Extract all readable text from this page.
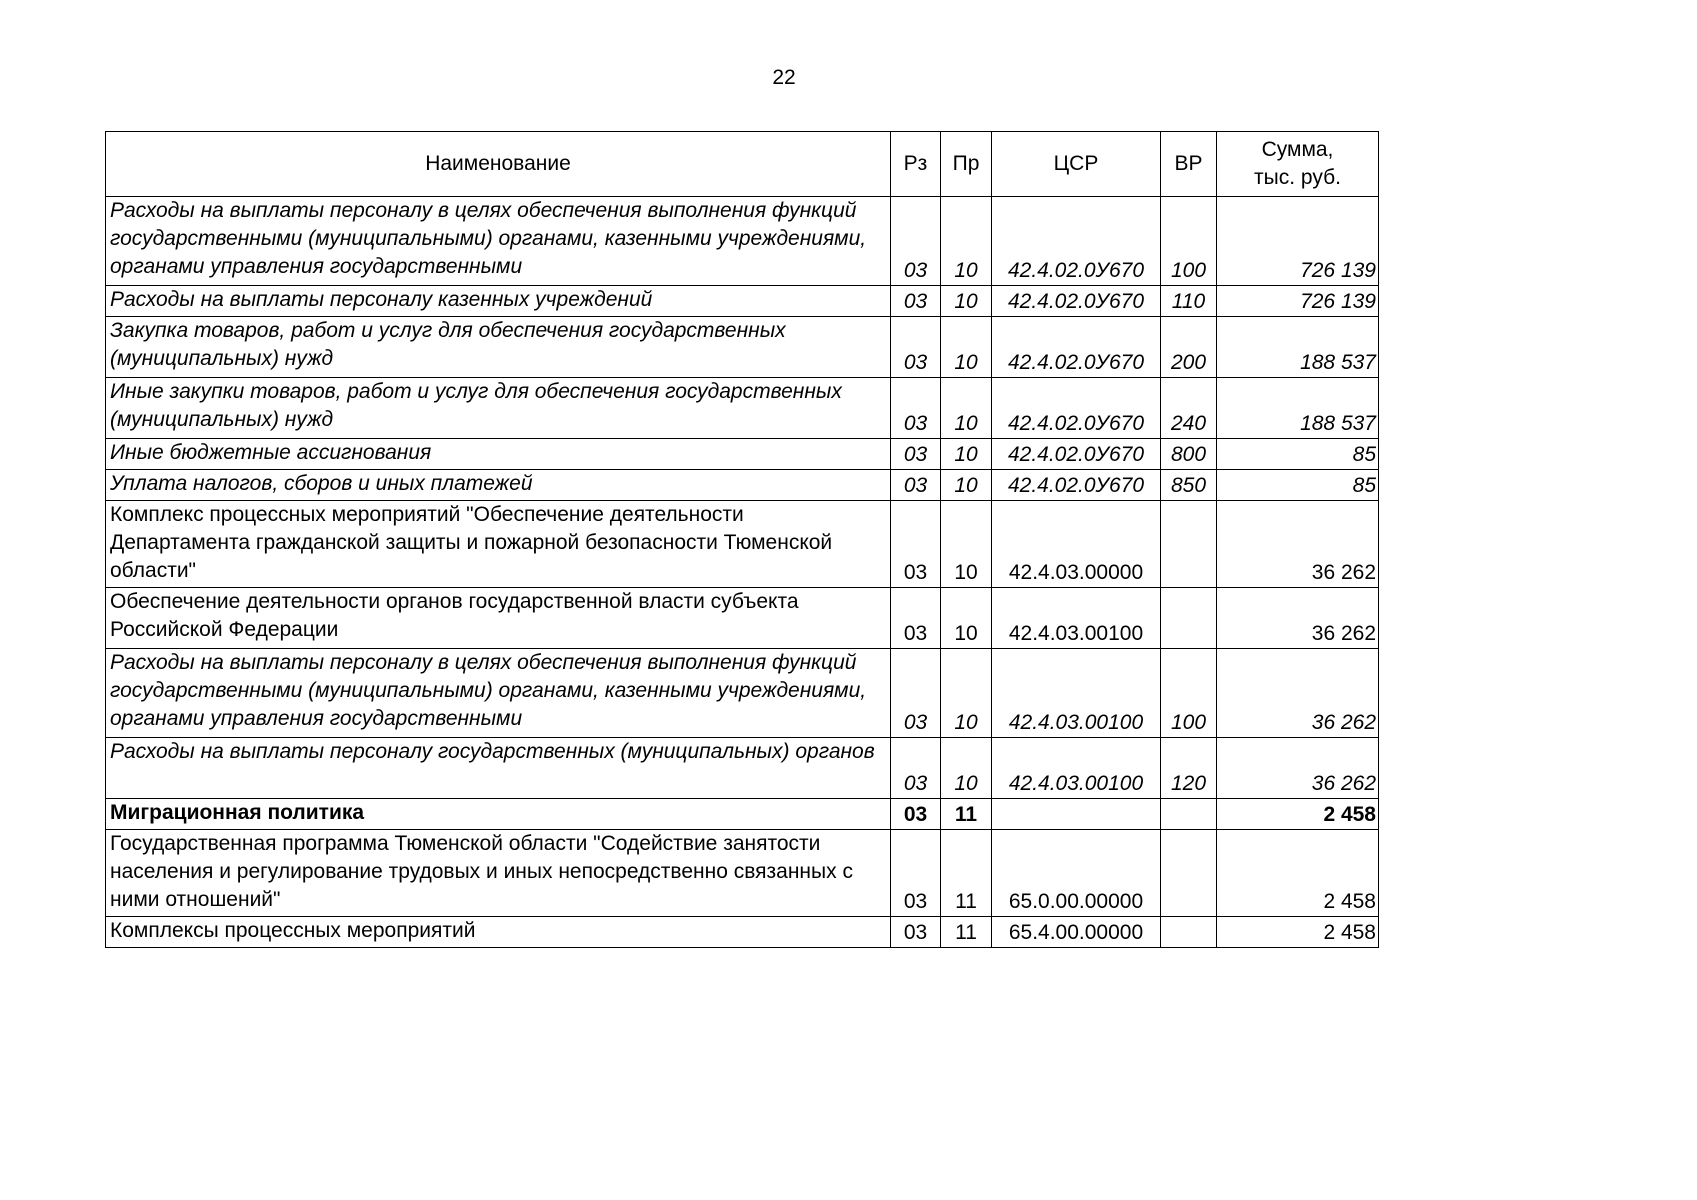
22
Наименование	Рз	Пр	ЦСР	ВР	Сумма,
тыс. руб.
Расходы на выплаты персоналу в целях обеспечения выполнения функций государственными (муниципальными) органами, казенными учреждениями, органами управления государственными	03	10	42.4.02.0У670	100	726 139
Расходы на выплаты персоналу казенных учреждений	03	10	42.4.02.0У670	110	726 139
Закупка товаров, работ и услуг для обеспечения государственных (муниципальных) нужд	03	10	42.4.02.0У670	200	188 537
Иные закупки товаров, работ и услуг для обеспечения государственных (муниципальных) нужд	03	10	42.4.02.0У670	240	188 537
Иные бюджетные ассигнования	03	10	42.4.02.0У670	800	85
Уплата налогов, сборов и иных платежей	03	10	42.4.02.0У670	850	85
Комплекс процессных мероприятий "Обеспечение деятельности Департамента гражданской защиты и пожарной безопасности Тюменской области"	03	10	42.4.03.00000		36 262
Обеспечение деятельности органов государственной власти субъекта Российской Федерации	03	10	42.4.03.00100		36 262
Расходы на выплаты персоналу в целях обеспечения выполнения функций государственными (муниципальными) органами, казенными учреждениями, органами управления государственными	03	10	42.4.03.00100	100	36 262
Расходы на выплаты персоналу государственных (муниципальных) органов	03	10	42.4.03.00100	120	36 262
Миграционная политика	03	11			2 458
Государственная программа Тюменской области "Содействие занятости населения и регулирование трудовых и иных непосредственно связанных с ними отношений"	03	11	65.0.00.00000		2 458
Комплексы процессных мероприятий	03	11	65.4.00.00000		2 458
